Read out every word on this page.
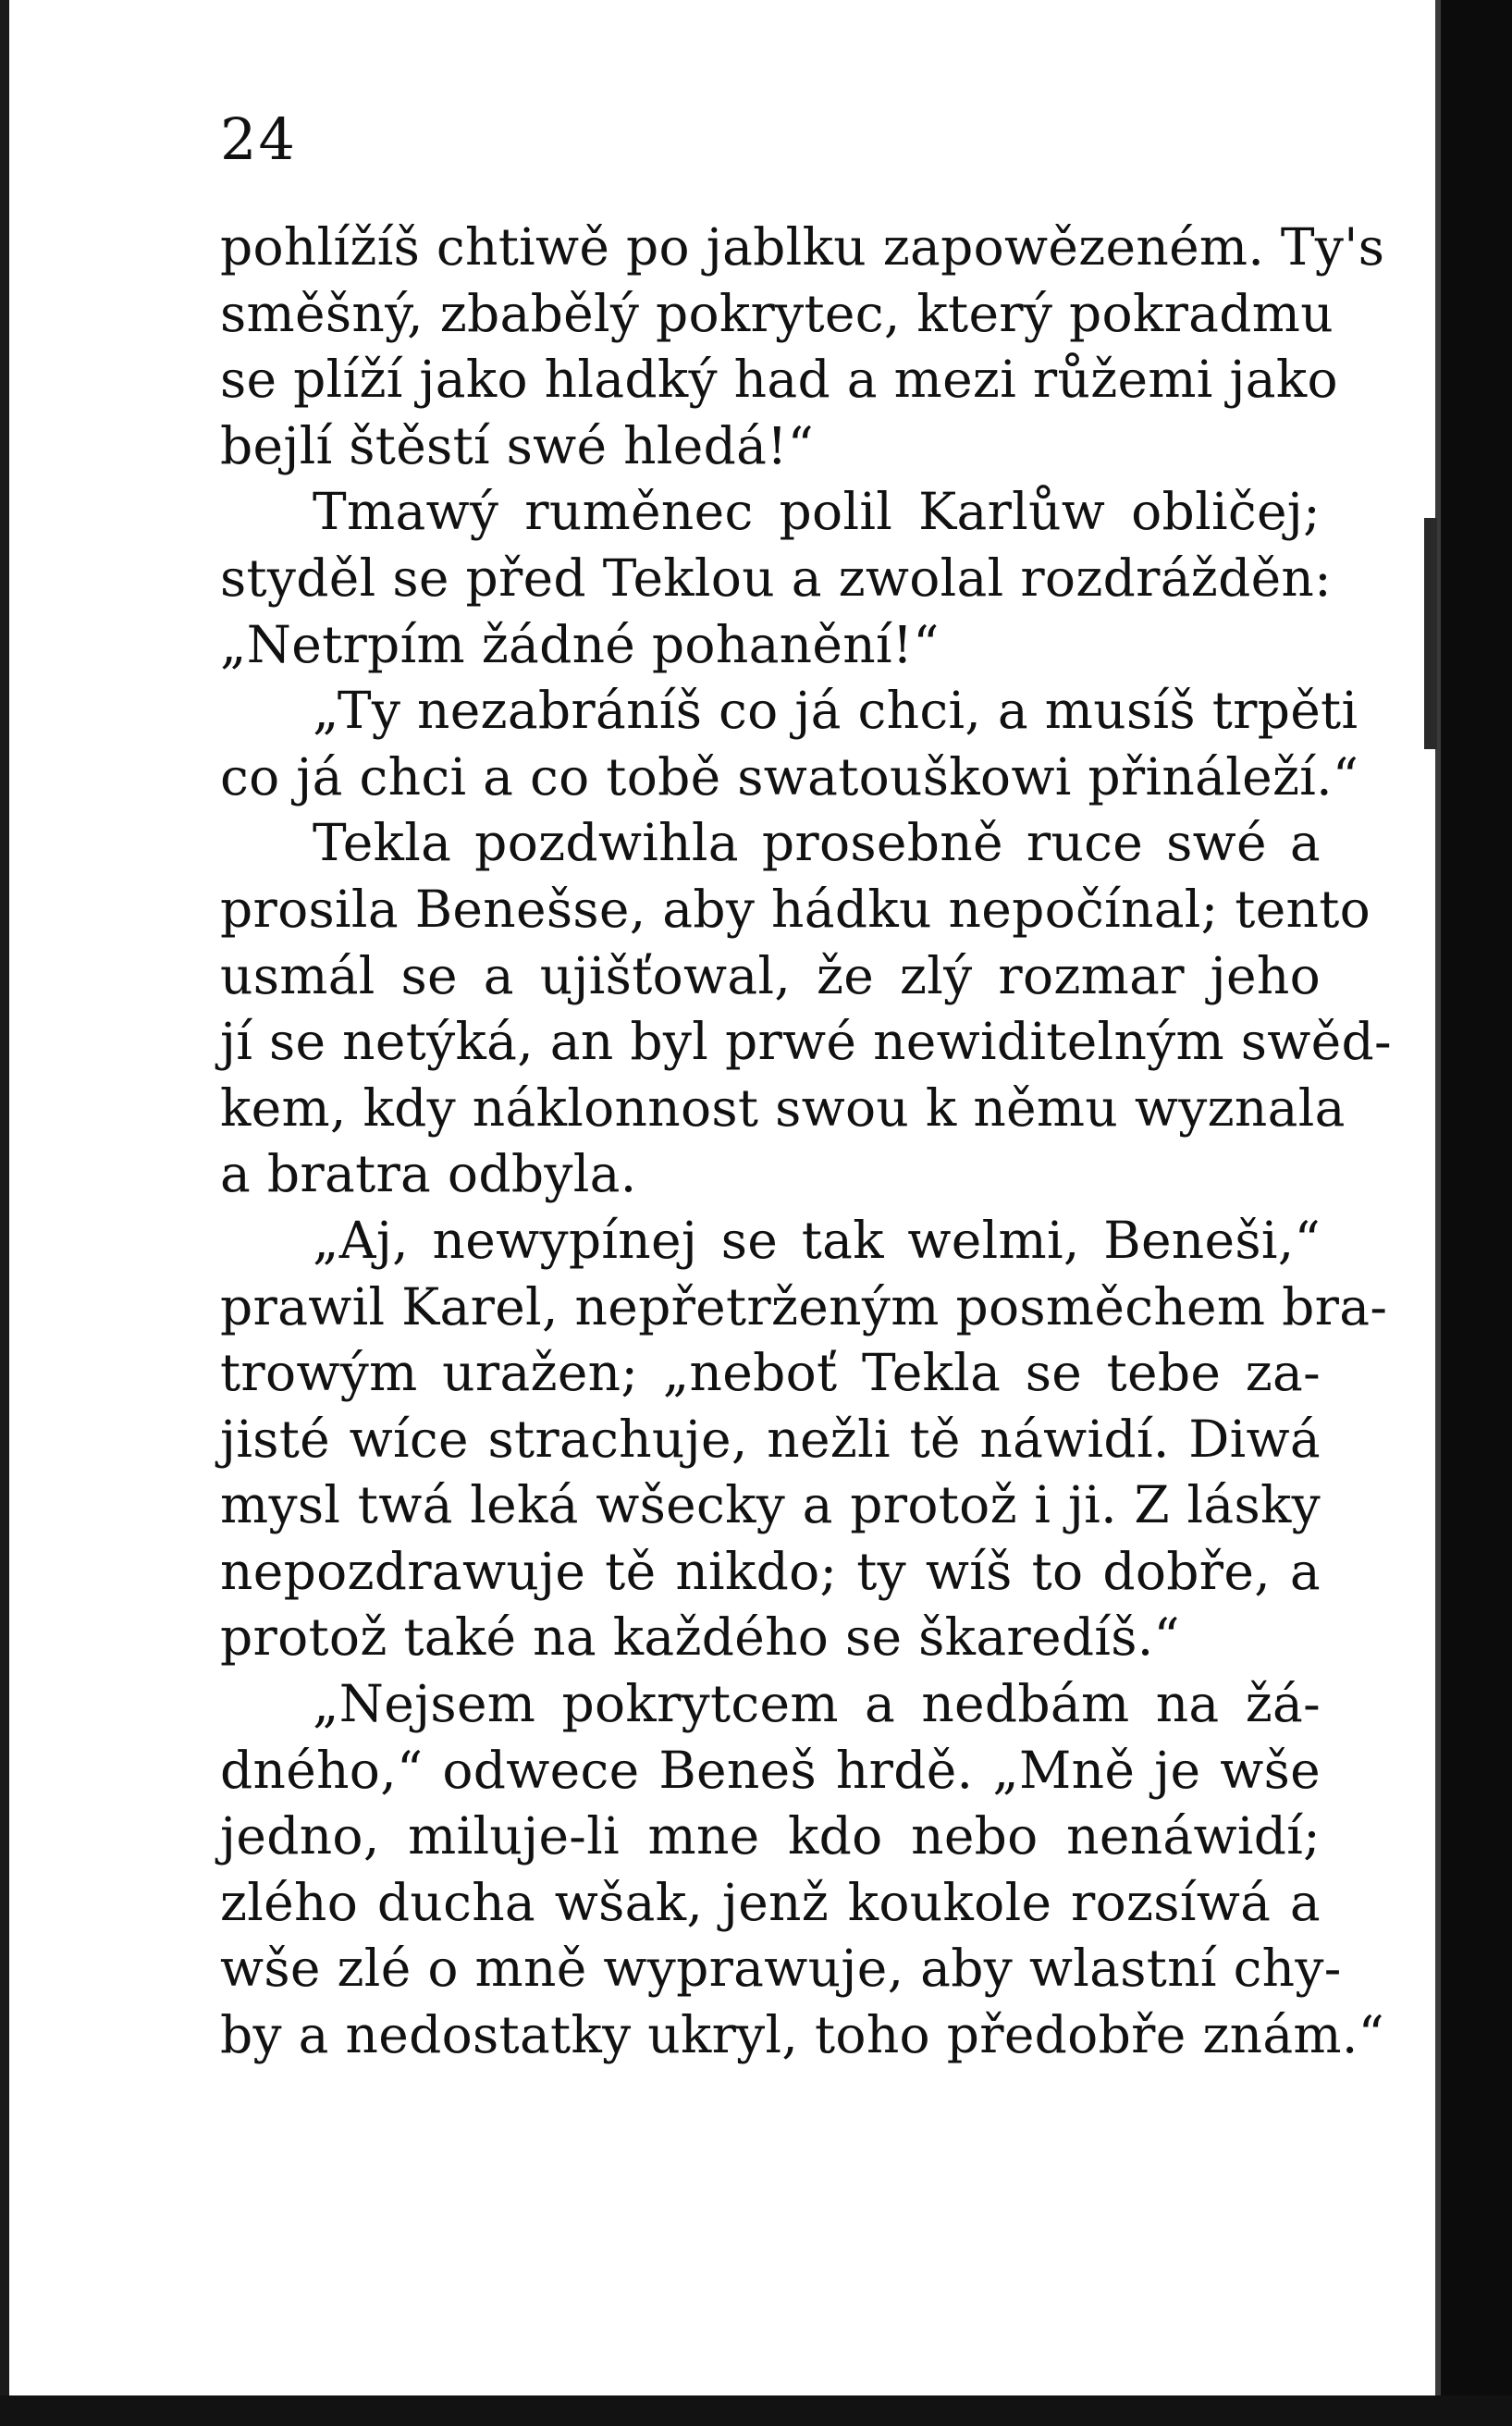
24
pohlížíš chtiwě po jablku zapowězeném. Ty's
směšný, zbabělý pokrytec, který pokradmu
se plíží jako hladký had a mezi růžemi jako
bejlí štěstí swé hledá!“
Tmawý ruměnec polil Karlůw obličej;
styděl se před Teklou a zwolal rozdrážděn:
„Netrpím žádné pohanění!“
„Ty nezabráníš co já chci, a musíš trpěti
co já chci a co tobě swatouškowi přináleží.“
Tekla pozdwihla prosebně ruce swé a
prosila Benešse, aby hádku nepočínal; tento
usmál se a ujišťowal, že zlý rozmar jeho
jí se netýká, an byl prwé newiditelným swěd-
kem, kdy náklonnost swou k němu wyznala
a bratra odbyla.
„Aj, newypínej se tak welmi, Beneši,“
prawil Karel, nepřetrženým posměchem bra-
trowým uražen; „neboť Tekla se tebe za-
jisté wíce strachuje, nežli tě náwidí. Diwá
mysl twá leká wšecky a protož i ji. Z lásky
nepozdrawuje tě nikdo; ty wíš to dobře, a
protož také na každého se škaredíš.“
„Nejsem pokrytcem a nedbám na žá-
dného,“ odwece Beneš hrdě. „Mně je wše
jedno, miluje-li mne kdo nebo nenáwidí;
zlého ducha wšak, jenž koukole rozsíwá a
wše zlé o mně wyprawuje, aby wlastní chy-
by a nedostatky ukryl, toho předobře znám.“
